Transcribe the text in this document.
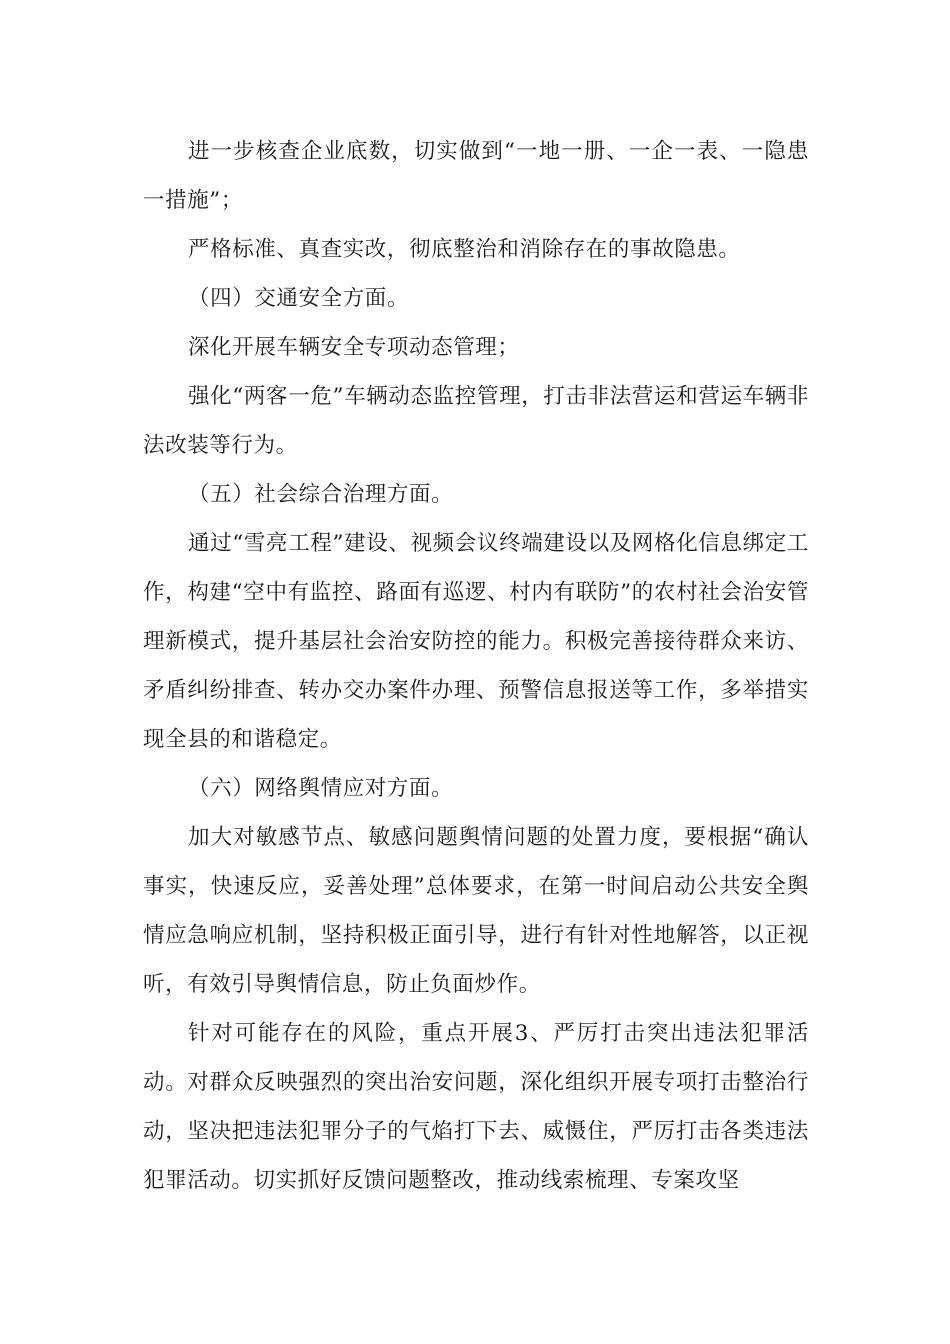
进一步核查企业底数，切实做到“一地一册、一企一表、一隐患一措施”；

严格标准、真查实改，彻底整治和消除存在的事故隐患。

（四）交通安全方面。

深化开展车辆安全专项动态管理；

强化“两客一危”车辆动态监控管理，打击非法营运和营运车辆非法改装等行为。

（五）社会综合治理方面。

通过“雪亮工程”建设、视频会议终端建设以及网格化信息绑定工作，构建“空中有监控、路面有巡逻、村内有联防”的农村社会治安管理新模式，提升基层社会治安防控的能力。积极完善接待群众来访、矛盾纠纷排查、转办交办案件办理、预警信息报送等工作，多举措实现全县的和谐稳定。

（六）网络舆情应对方面。

加大对敏感节点、敏感问题舆情问题的处置力度，要根据“确认事实，快速反应，妥善处理”总体要求，在第一时间启动公共安全舆情应急响应机制，坚持积极正面引导，进行有针对性地解答，以正视听，有效引导舆情信息，防止负面炒作。

针对可能存在的风险，重点开展3、严厉打击突出违法犯罪活动。对群众反映强烈的突出治安问题，深化组织开展专项打击整治行动，坚决把违法犯罪分子的气焰打下去、威慑住，严厉打击各类违法犯罪活动。切实抓好反馈问题整改，推动线索梳理、专案攻坚
